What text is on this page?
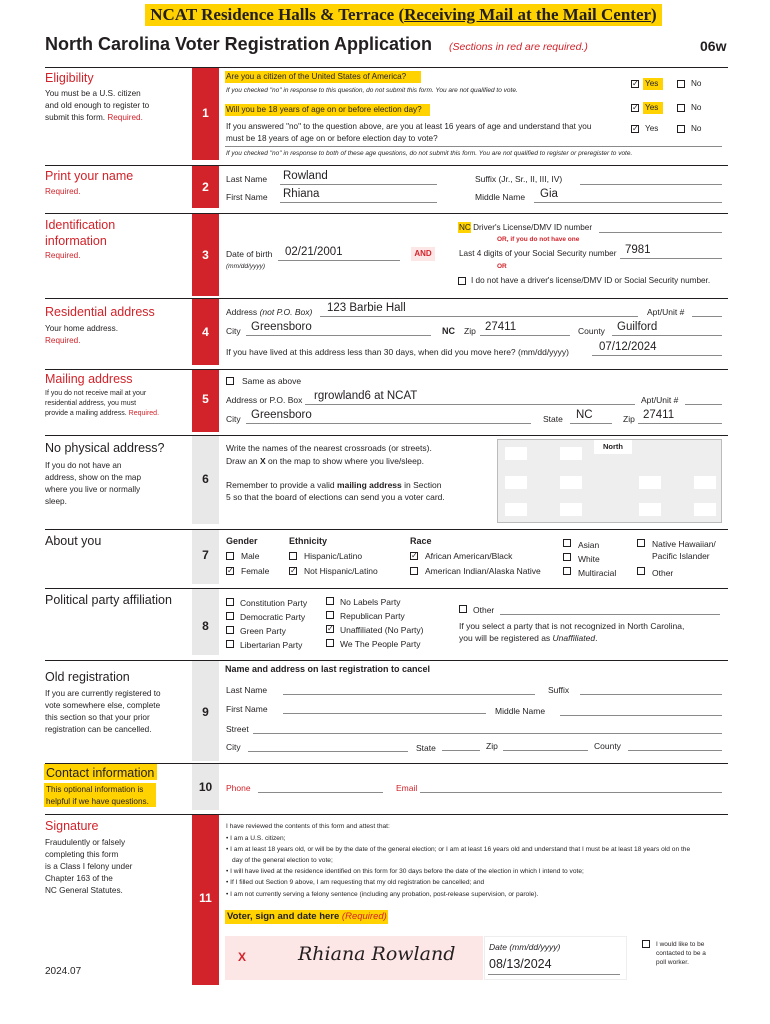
NCAT Residence Halls & Terrace (Receiving Mail at the Mail Center)
North Carolina Voter Registration Application (Sections in red are required.)	06w
Eligibility
You must be a U.S. citizen
and old enough to register to
submit this form. Required.	1
Are you a citizen of the United States of America?
If you checked "no" in response to this question, do not submit this form. You are not qualified to vote.
✓ Yes	No
Will you be 18 years of age on or before election day?	✓ Yes	No
If you answered "no" to the question above, are you at least 16 years of age and understand that you
must be 18 years of age on or before election day to vote?
✓ Yes	No
If you checked "no" in response to both of these age questions, do not submit this form. You are not qualified to register or preregister to vote.
Print your name
Required.	2
Last Name Rowland
First Name Rhiana
Suffix (Jr., Sr., II, III, IV)
Middle Name Gia
Identification
information
Required.	3	Date of birth
(mm/dd/yyyy)
02/21/2001	AND
NC Driver's License/DMV ID number
OR, if you do not have one
Last 4 digits of your Social Security number 7981
OR
I do not have a driver's license/DMV ID or Social Security number.
Residential address
Your home address.
Required.
4
Address (not P.O. Box) 123 Barbie Hall	Apt/Unit #
City Greensboro	NC Zip 27411	County Guilford
If you have lived at this address less than 30 days, when did you move here? (mm/dd/yyyy)	07/12/2024
Mailing address
If you do not receive mail at your
residential address, you must
provide a mailing address. Required.
5
Same as above
Address or P.O. Box rgrowland6 at NCAT	Apt/Unit #
City Greensboro	State NC	Zip 27411
No physical address?
If you do not have an
address, show on the map
where you live or normally
sleep.
6
Write the names of the nearest crossroads (or streets).
Draw an X on the map to show where you live/sleep.
Remember to provide a valid mailing address in Section
5 so that the board of elections can send you a voter card.
North
About you
7
Gender
Male
✓ Female
Ethnicity
Hispanic/Latino
✓ Not Hispanic/Latino
Race
✓ African American/Black
American Indian/Alaska Native
Asian
White
Multiracial
Native Hawaiian/
Pacific Islander
Other
Political party affiliation
8
Constitution Party
Democratic Party
Green Party
Libertarian Party
No Labels Party
Republican Party
✓ Unaffiliated (No Party)
We The People Party
Other
If you select a party that is not recognized in North Carolina,
you will be registered as Unaffiliated.
Old registration
If you are currently registered to
vote somewhere else, complete
this section so that your prior
registration can be cancelled.
9
Name and address on last registration to cancel
Last Name	Suffix
First Name	Middle Name
Street
City	State	Zip	County
Contact information
This optional information is
helpful if we have questions.
10	Phone	Email
Signature
Fraudulently or falsely
completing this form
is a Class I felony under
Chapter 163 of the
NC General Statutes.
11
I have reviewed the contents of this form and attest that:
• I am a U.S. citizen;
• I am at least 18 years old, or will be by the date of the general election; or I am at least 16 years old and understand that I must be at least 18 years old on the
day of the general election to vote;
• I will have lived at the residence identified on this form for 30 days before the date of the election in which I intend to vote;
• If I filled out Section 9 above, I am requesting that my old registration be cancelled; and
• I am not currently serving a felony sentence (including any probation, post-release supervision, or parole).
Voter, sign and date here (Required)
X	Rhiana Rowland	Date (mm/dd/yyyy)
08/13/2024
I would like to be
contacted to be a
poll worker.
2024.07
